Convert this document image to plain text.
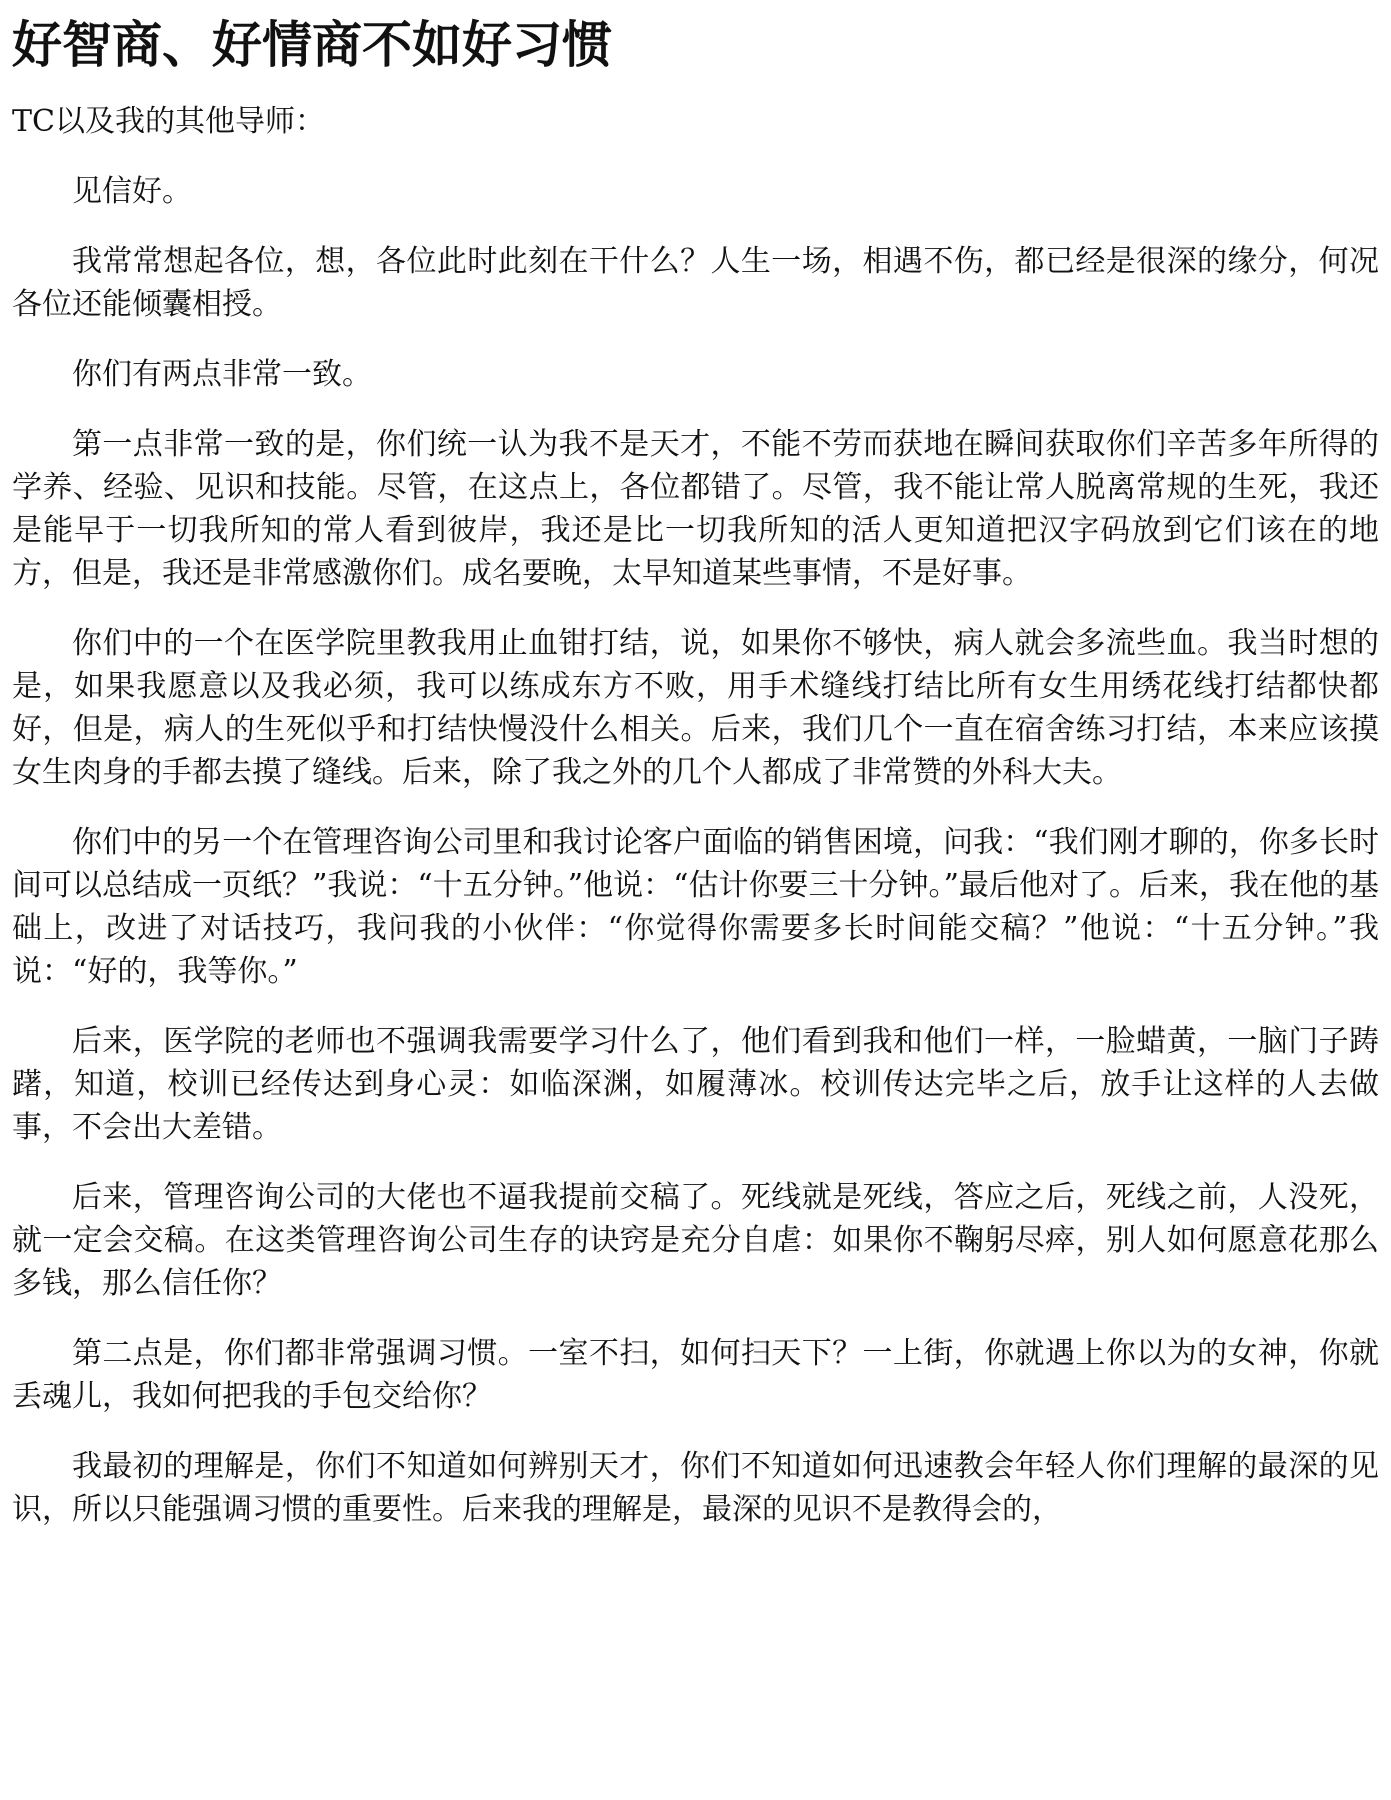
好智商、好情商不如好习惯
TC以及我的其他导师：

见信好。

我常常想起各位，想，各位此时此刻在干什么？人生一场，相遇不伤，都已经是很深的缘分，何况各位还能倾囊相授。

你们有两点非常一致。

第一点非常一致的是，你们统一认为我不是天才，不能不劳而获地在瞬间获取你们辛苦多年所得的学养、经验、见识和技能。尽管，在这点上，各位都错了。尽管，我不能让常人脱离常规的生死，我还是能早于一切我所知的常人看到彼岸，我还是比一切我所知的活人更知道把汉字码放到它们该在的地方，但是，我还是非常感激你们。成名要晚，太早知道某些事情，不是好事。

你们中的一个在医学院里教我用止血钳打结，说，如果你不够快，病人就会多流些血。我当时想的是，如果我愿意以及我必须，我可以练成东方不败，用手术缝线打结比所有女生用绣花线打结都快都好，但是，病人的生死似乎和打结快慢没什么相关。后来，我们几个一直在宿舍练习打结，本来应该摸女生肉身的手都去摸了缝线。后来，除了我之外的几个人都成了非常赞的外科大夫。

你们中的另一个在管理咨询公司里和我讨论客户面临的销售困境，问我：“我们刚才聊的，你多长时间可以总结成一页纸？”我说：“十五分钟。”他说：“估计你要三十分钟。”最后他对了。后来，我在他的基础上，改进了对话技巧，我问我的小伙伴：“你觉得你需要多长时间能交稿？”他说：“十五分钟。”我说：“好的，我等你。”

后来，医学院的老师也不强调我需要学习什么了，他们看到我和他们一样，一脸蜡黄，一脑门子踌躇，知道，校训已经传达到身心灵：如临深渊，如履薄冰。校训传达完毕之后，放手让这样的人去做事，不会出大差错。

后来，管理咨询公司的大佬也不逼我提前交稿了。死线就是死线，答应之后，死线之前，人没死，就一定会交稿。在这类管理咨询公司生存的诀窍是充分自虐：如果你不鞠躬尽瘁，别人如何愿意花那么多钱，那么信任你？

第二点是，你们都非常强调习惯。一室不扫，如何扫天下？一上街，你就遇上你以为的女神，你就丢魂儿，我如何把我的手包交给你？

我最初的理解是，你们不知道如何辨别天才，你们不知道如何迅速教会年轻人你们理解的最深的见识，所以只能强调习惯的重要性。后来我的理解是，最深的见识不是教得会的，
